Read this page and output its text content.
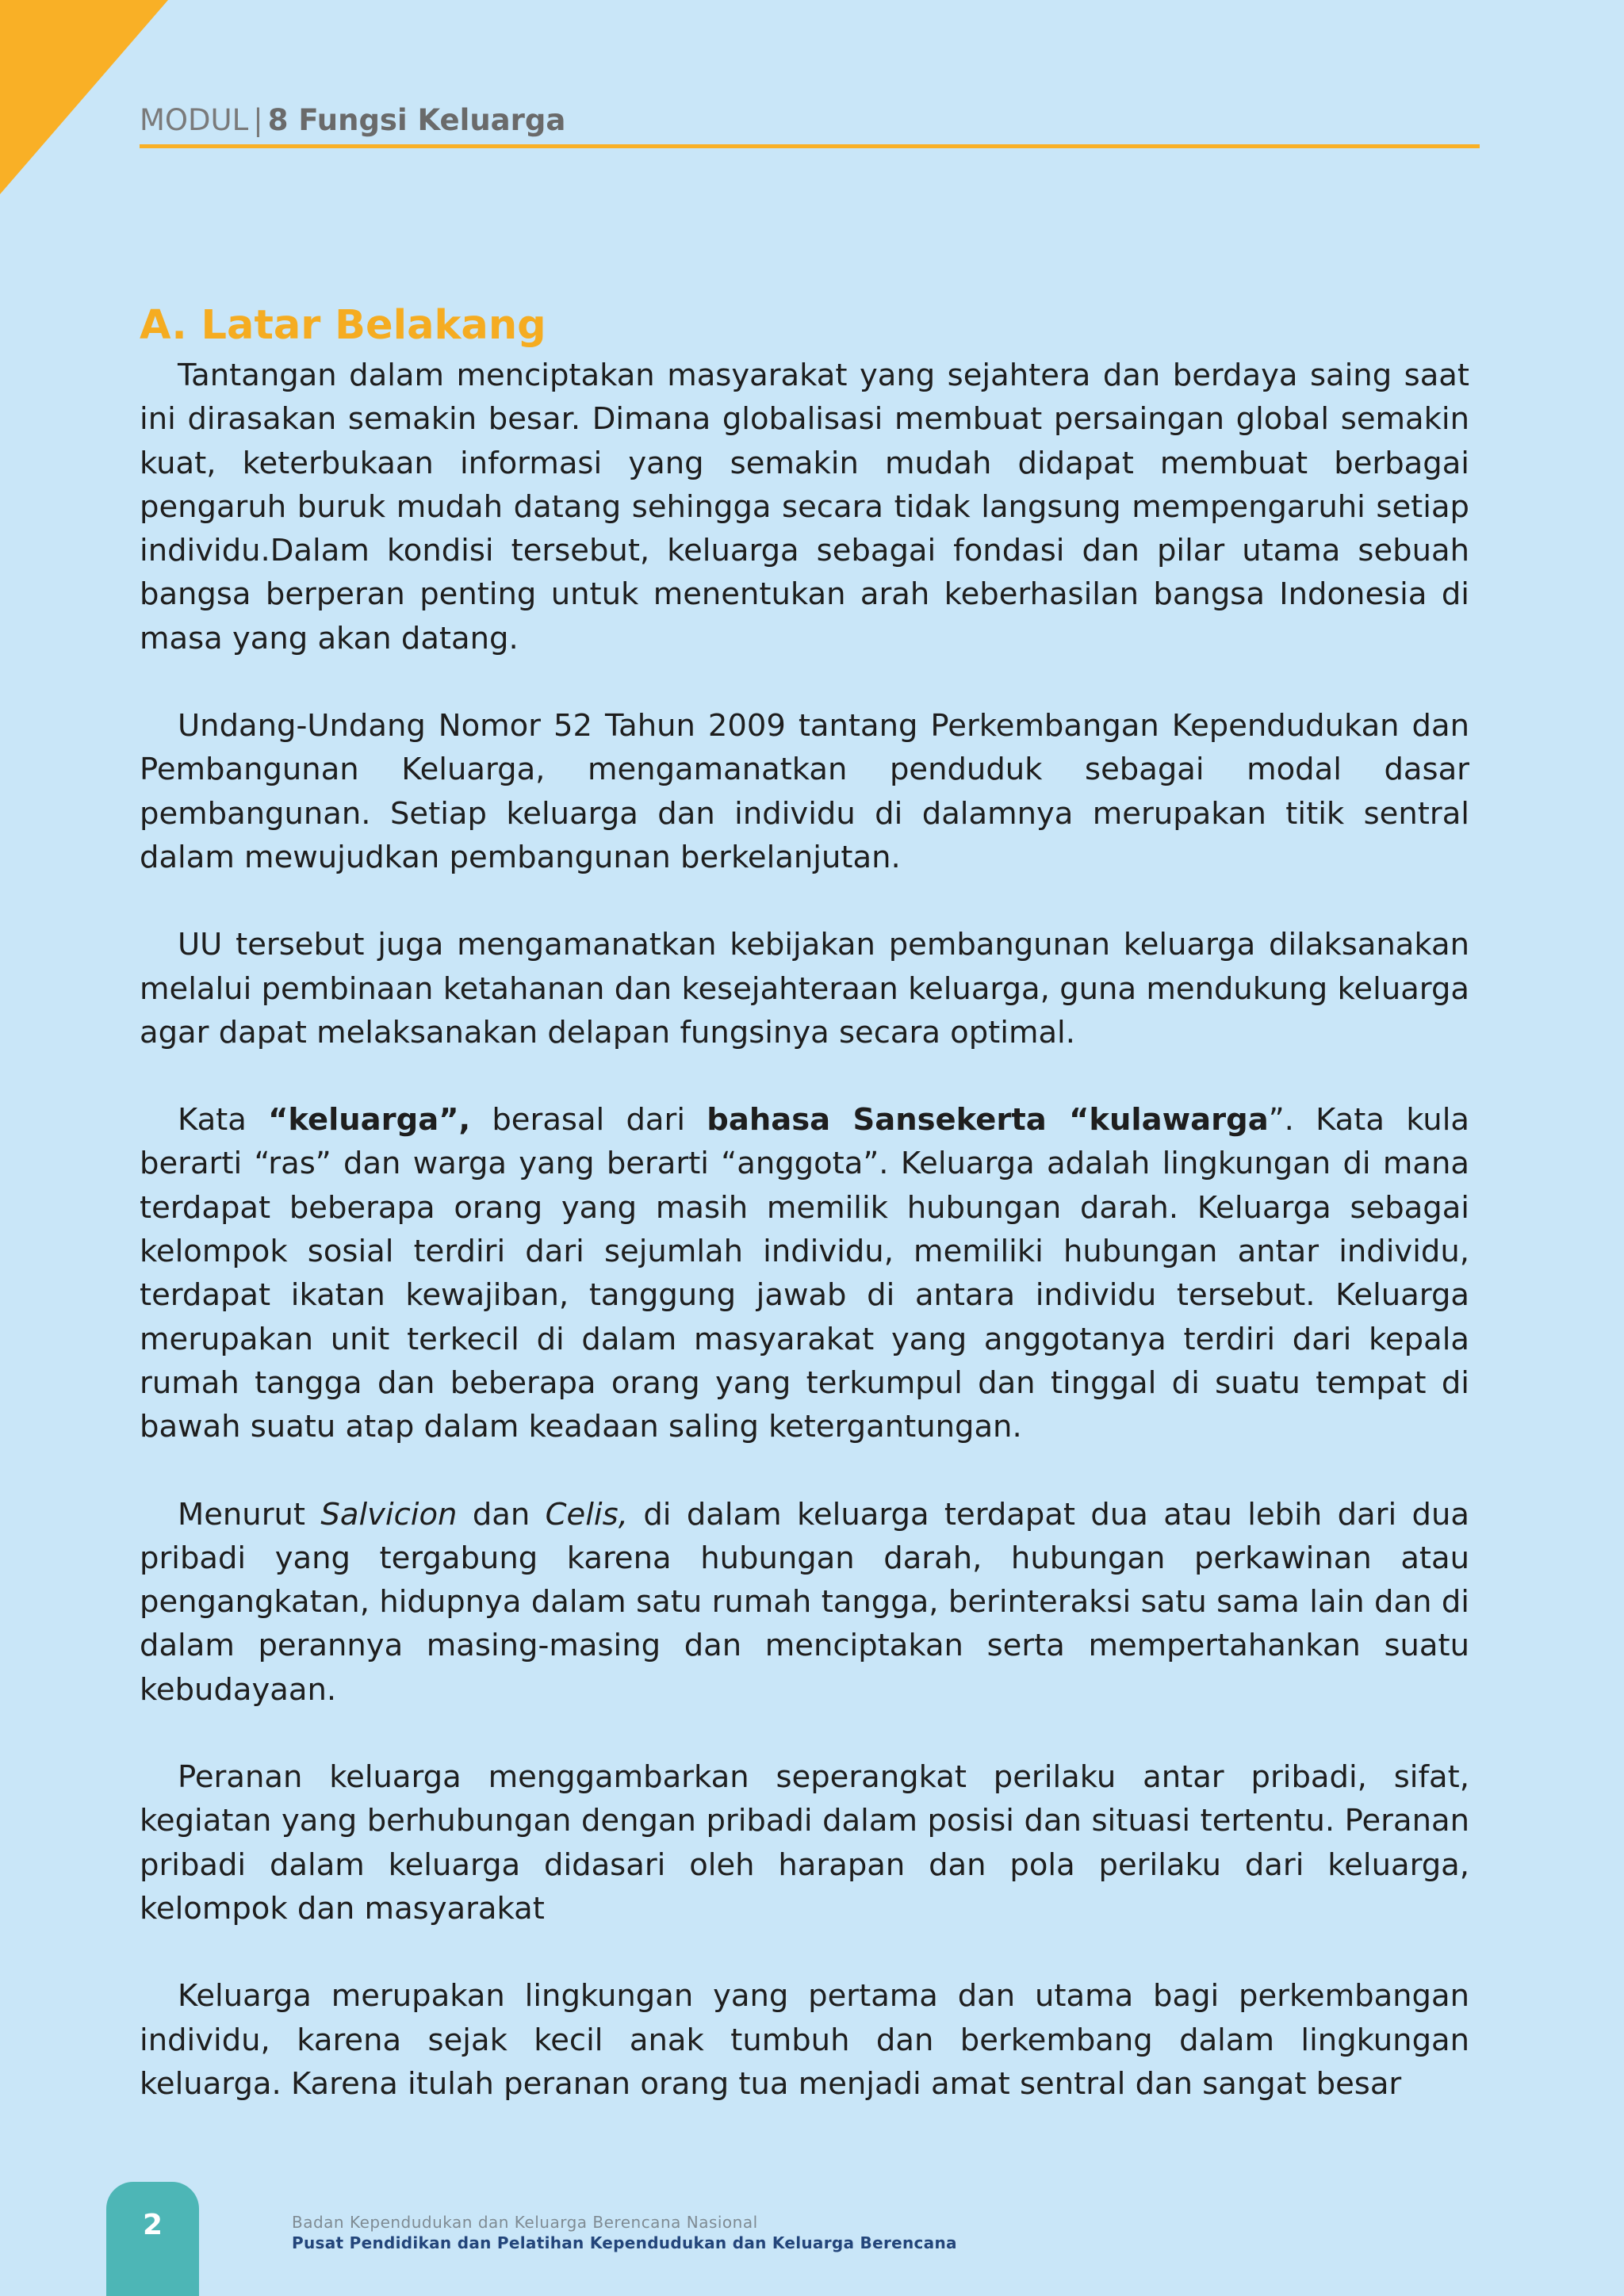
MODUL | 8 Fungsi Keluarga
A. Latar Belakang

Tantangan dalam menciptakan masyarakat yang sejahtera dan berdaya saing saat ini dirasakan semakin besar. Dimana globalisasi membuat persaingan global semakin kuat, keterbukaan informasi yang semakin mudah didapat membuat berbagai pengaruh buruk mudah datang sehingga secara tidak langsung mempengaruhi setiap individu.Dalam kondisi tersebut, keluarga sebagai fondasi dan pilar utama sebuah bangsa berperan penting untuk menentukan arah keberhasilan bangsa Indonesia di masa yang akan datang.

Undang-Undang Nomor 52 Tahun 2009 tantang Perkembangan Kependudukan dan Pembangunan Keluarga, mengamanatkan penduduk sebagai modal dasar pembangunan. Setiap keluarga dan individu di dalamnya merupakan titik sentral dalam mewujudkan pembangunan berkelanjutan.

UU tersebut juga mengamanatkan kebijakan pembangunan keluarga dilaksanakan melalui pembinaan ketahanan dan kesejahteraan keluarga, guna mendukung keluarga agar dapat melaksanakan delapan fungsinya secara optimal.

Kata “keluarga”, berasal dari bahasa Sansekerta “kulawarga”. Kata kula berarti “ras” dan warga yang berarti “anggota”. Keluarga adalah lingkungan di mana terdapat beberapa orang yang masih memilik hubungan darah. Keluarga sebagai kelompok sosial terdiri dari sejumlah individu, memiliki hubungan antar individu, terdapat ikatan kewajiban, tanggung jawab di antara individu tersebut. Keluarga merupakan unit terkecil di dalam masyarakat yang anggotanya terdiri dari kepala rumah tangga dan beberapa orang yang terkumpul dan tinggal di suatu tempat di bawah suatu atap dalam keadaan saling ketergantungan.

Menurut Salvicion dan Celis, di dalam keluarga terdapat dua atau lebih dari dua pribadi yang tergabung karena hubungan darah, hubungan perkawinan atau pengangkatan, hidupnya dalam satu rumah tangga, berinteraksi satu sama lain dan di dalam perannya masing-masing dan menciptakan serta mempertahankan suatu kebudayaan.

Peranan keluarga menggambarkan seperangkat perilaku antar pribadi, sifat, kegiatan yang berhubungan dengan pribadi dalam posisi dan situasi tertentu. Peranan pribadi dalam keluarga didasari oleh harapan dan pola perilaku dari keluarga, kelompok dan masyarakat

Keluarga merupakan lingkungan yang pertama dan utama bagi perkembangan individu, karena sejak kecil anak tumbuh dan berkembang dalam lingkungan keluarga. Karena itulah peranan orang tua menjadi amat sentral dan sangat besar

2	Badan Kependudukan dan Keluarga Berencana Nasional
Pusat Pendidikan dan Pelatihan Kependudukan dan Keluarga Berencana
